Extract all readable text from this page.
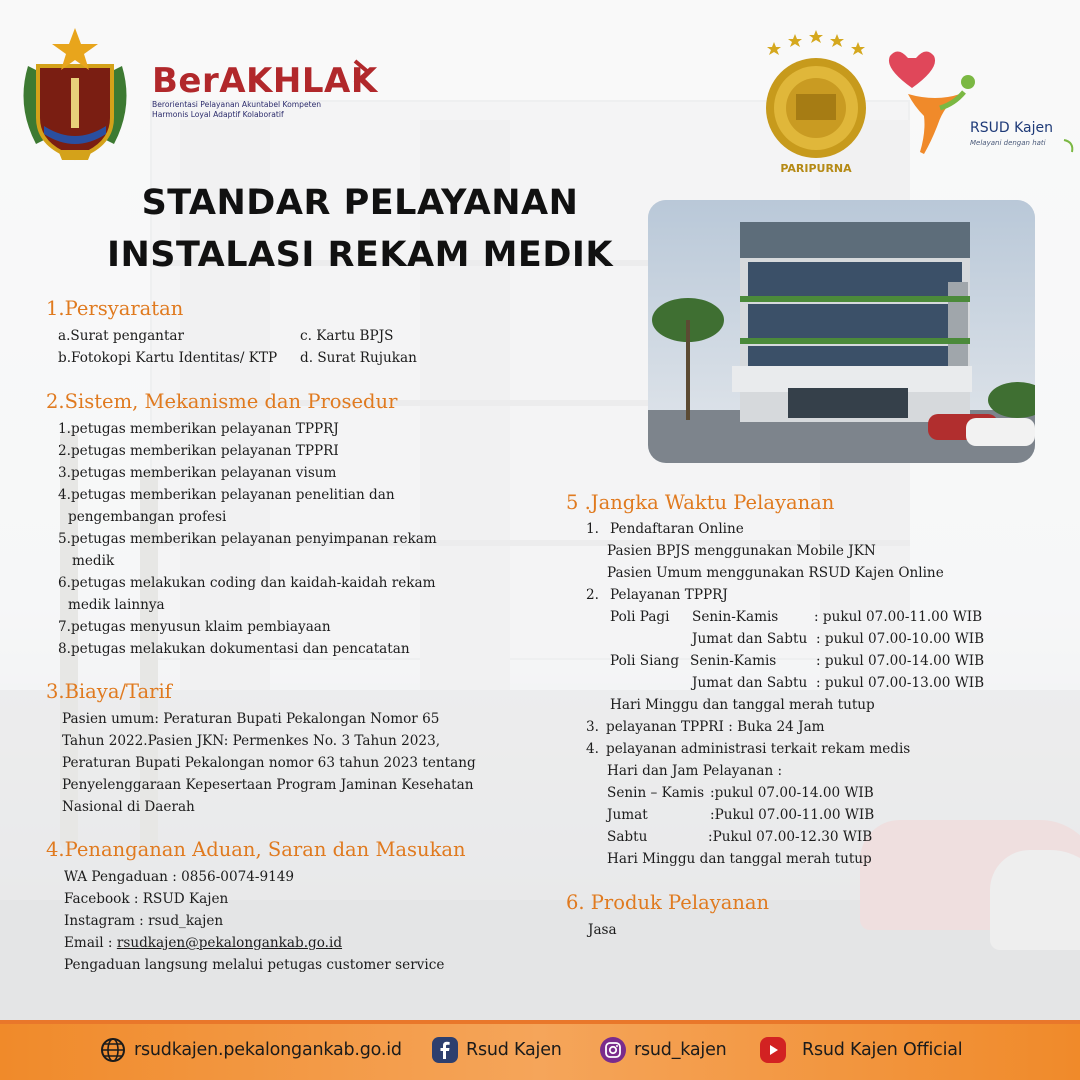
BerAKHLAK
Berorientasi Pelayanan Akuntabel Kompeten
Harmonis Loyal Adaptif Kolaboratif
PARIPURNA
RSUD Kajen
Melayani dengan hati
STANDAR PELAYANAN
INSTALASI REKAM MEDIK
1.Persyaratan
a.Surat pengantar
b.Fotokopi Kartu Identitas/ KTP
c. Kartu BPJS
d. Surat Rujukan
2.Sistem, Mekanisme dan Prosedur
1.petugas memberikan pelayanan TPPRJ
2.petugas memberikan pelayanan TPPRI
3.petugas memberikan pelayanan visum
4.petugas memberikan pelayanan penelitian dan
pengembangan profesi
5.petugas memberikan pelayanan penyimpanan rekam
medik
6.petugas melakukan coding dan kaidah-kaidah rekam
medik lainnya
7.petugas menyusun klaim pembiayaan
8.petugas melakukan dokumentasi dan pencatatan
3.Biaya/Tarif
Pasien umum: Peraturan Bupati Pekalongan Nomor 65
Tahun 2022.Pasien JKN: Permenkes No. 3 Tahun 2023,
Peraturan Bupati Pekalongan nomor 63 tahun 2023 tentang
Penyelenggaraan Kepesertaan Program Jaminan Kesehatan
Nasional di Daerah
4.Penanganan Aduan, Saran dan Masukan
WA Pengaduan : 0856-0074-9149
Facebook : RSUD Kajen
Instagram : rsud_kajen
Email : rsudkajen@pekalongankab.go.id
Pengaduan langsung melalui petugas customer service
5 .Jangka Waktu Pelayanan
1. Pendaftaran Online
Pasien BPJS menggunakan Mobile JKN
Pasien Umum menggunakan RSUD Kajen Online
2. Pelayanan TPPRJ
Poli Pagi Senin-Kamis	: pukul 07.00-11.00 WIB
Jumat dan Sabtu : pukul 07.00-10.00 WIB
Poli Siang Senin-Kamis	: pukul 07.00-14.00 WIB
Jumat dan Sabtu : pukul 07.00-13.00 WIB
Hari Minggu dan tanggal merah tutup
3. pelayanan TPPRI : Buka 24 Jam
4. pelayanan administrasi terkait rekam medis
Hari dan Jam Pelayanan :
Senin – Kamis :pukul 07.00-14.00 WIB
Jumat	:Pukul 07.00-11.00 WIB
Sabtu	:Pukul 07.00-12.30 WIB
Hari Minggu dan tanggal merah tutup
6. Produk Pelayanan
Jasa
rsudkajen.pekalongankab.go.id	Rsud Kajen	rsud_kajen	Rsud Kajen Official
